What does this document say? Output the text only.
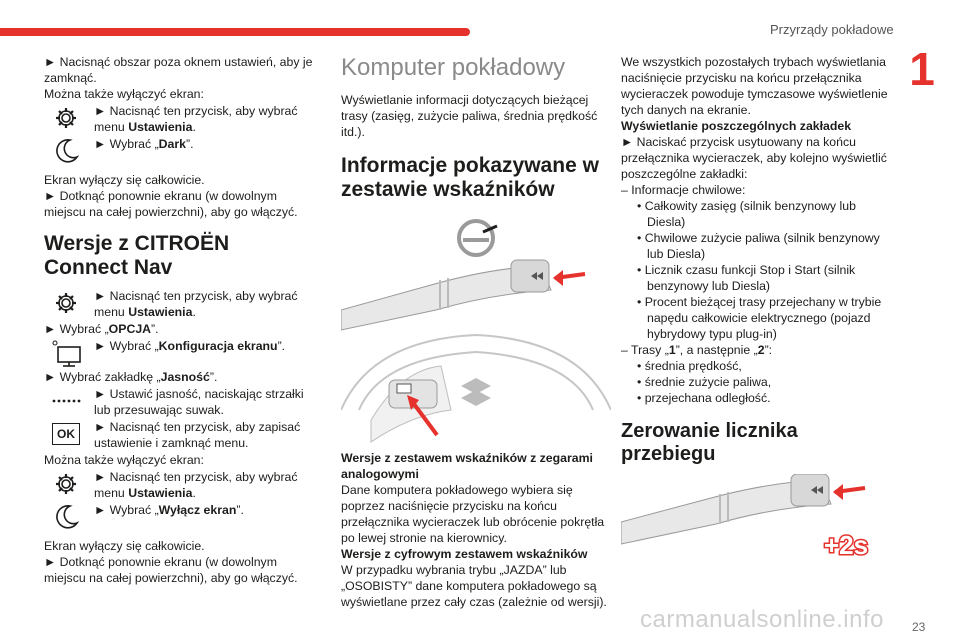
Przyrządy pokładowe
1
23
carmanualsonline.info

► Nacisnąć obszar poza oknem ustawień, aby je zamknąć.

Można także wyłączyć ekran:

► Nacisnąć ten przycisk, aby wybrać menu Ustawienia.

► Wybrać „Dark”.

Ekran wyłączy się całkowicie.

► Dotknąć ponownie ekranu (w dowolnym miejscu na całej powierzchni), aby go włączyć.

Wersje z CITROËN Connect Nav

► Nacisnąć ten przycisk, aby wybrać menu Ustawienia.

► Wybrać „OPCJA”.

► Wybrać „Konfiguracja ekranu”.

► Wybrać zakładkę „Jasność”.

► Ustawić jasność, naciskając strzałki lub przesuwając suwak.

OK	► Nacisnąć ten przycisk, aby zapisać ustawienie i zamknąć menu.

Można także wyłączyć ekran:

► Nacisnąć ten przycisk, aby wybrać menu Ustawienia.

► Wybrać „Wyłącz ekran”.

Ekran wyłączy się całkowicie.

► Dotknąć ponownie ekranu (w dowolnym miejscu na całej powierzchni), aby go włączyć.

Komputer pokładowy

Wyświetlanie informacji dotyczących bieżącej trasy (zasięg, zużycie paliwa, średnia prędkość itd.).

Informacje pokazywane w zestawie wskaźników

Wersje z zestawem wskaźników z zegarami analogowymi

Dane komputera pokładowego wybiera się poprzez naciśnięcie przycisku na końcu przełącznika wycieraczek lub obrócenie pokrętła po lewej stronie na kierownicy.

Wersje z cyfrowym zestawem wskaźników

W przypadku wybrania trybu „JAZDA” lub „OSOBISTY” dane komputera pokładowego są wyświetlane przez cały czas (zależnie od wersji).

We wszystkich pozostałych trybach wyświetlania naciśnięcie przycisku na końcu przełącznika wycieraczek powoduje tymczasowe wyświetlenie tych danych na ekranie.

Wyświetlanie poszczególnych zakładek

► Naciskać przycisk usytuowany na końcu przełącznika wycieraczek, aby kolejno wyświetlić poszczególne zakładki:

– Informacje chwilowe:

• Całkowity zasięg (silnik benzynowy lub Diesla)

• Chwilowe zużycie paliwa (silnik benzynowy lub Diesla)

• Licznik czasu funkcji Stop i Start (silnik benzynowy lub Diesla)

• Procent bieżącej trasy przejechany w trybie napędu całkowicie elektrycznego (pojazd hybrydowy typu plug-in)

– Trasy „1”, a następnie „2”:

• średnia prędkość,

• średnie zużycie paliwa,

• przejechana odległość.

Zerowanie licznika przebiegu
+2s
